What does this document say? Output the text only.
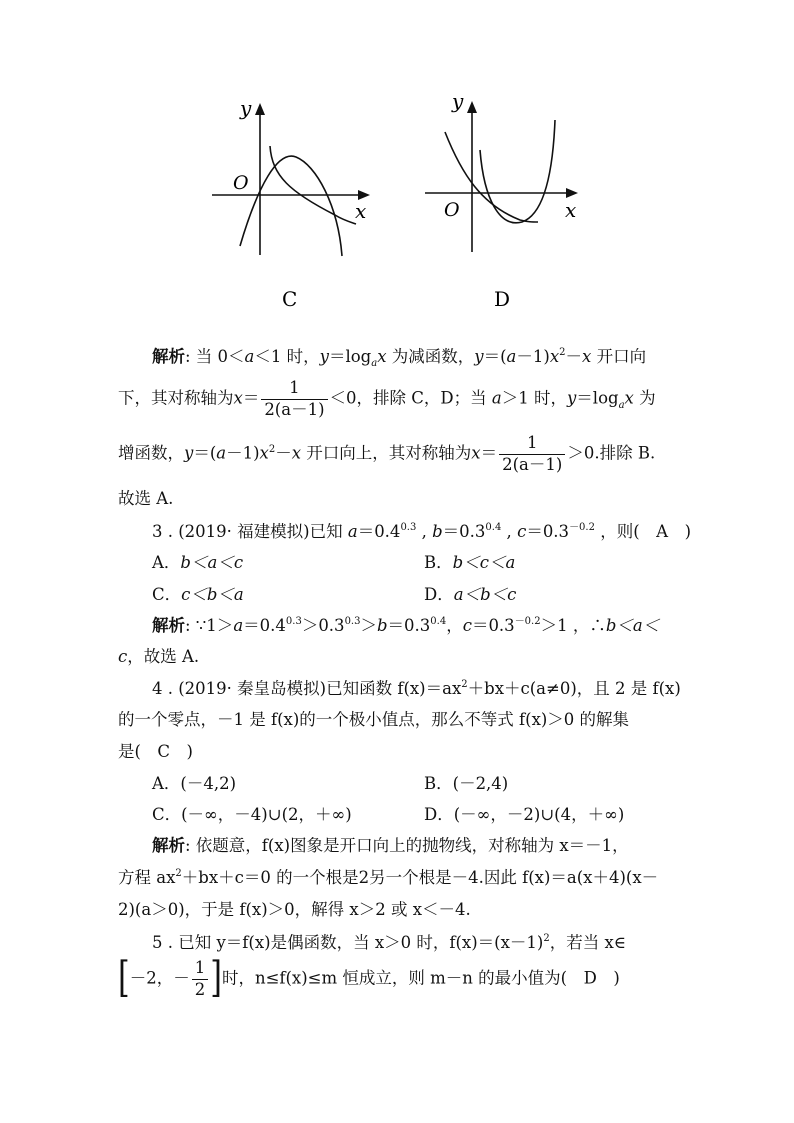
y
x
O
C
y
x
O
D
解析: 当 0＜a＜1 时，$y=\log_ax$ 为减函数，$y=(a-1)x^2-x$ 开口向
下，其对称轴为$x= \frac{1}{2(a-1)} <0$，排除 C，D；当 a＞1 时，$y=\log_ax$ 为
增函数，$y=(a-1)x^2-x$ 开口向上，其对称轴为$x= \frac{1}{2(a-1)} >0$.排除 B.
故选 A.
3 . (2019· 福建模拟)已知 $a=0.4^{0.3}$ , $b=0.3^{0.4}$ , $c=0.3^{-0.2}$ ，则(　A　)
A．b＜a＜c	B．b＜c＜a
C．c＜b＜a	D．a＜b＜c
解析: $\because 1>a=0.4^{0.3}>0.3^{0.3}>b=0.3^{0.4}$，$c=0.3^{-0.2}>1$ ，∴b＜a＜
c，故选 A.
4 . (2019· 秦皇岛模拟)已知函数 $f(x)=ax^2+bx+c(a\ne 0)$，且 2 是 f(x)
的一个零点，－1 是 f(x)的一个极小值点，那么不等式 f(x)＞0 的解集
是(　C　)
A．(－4,2)	B．(－2,4)
C．(－∞，－4)∪(2，＋∞)	D．(－∞，－2)∪(4，＋∞)
解析: 依题意，f(x)图象是开口向上的抛物线，对称轴为 x＝－1，
方程 $ax^2+bx+c=0$ 的一个根是2另一个根是－4.因此 f(x)＝a(x＋4)(x－
2)(a＞0)，于是 f(x)＞0，解得 x＞2 或 x＜－4.
5 . 已知 y＝f(x)是偶函数，当 x＞0 时，$f(x)=(x-1)^2$，若当 x∈
[－2，－ $\frac{1}{2}$ ]时，n≤f(x)≤m 恒成立，则 m－n 的最小值为(　D　)
